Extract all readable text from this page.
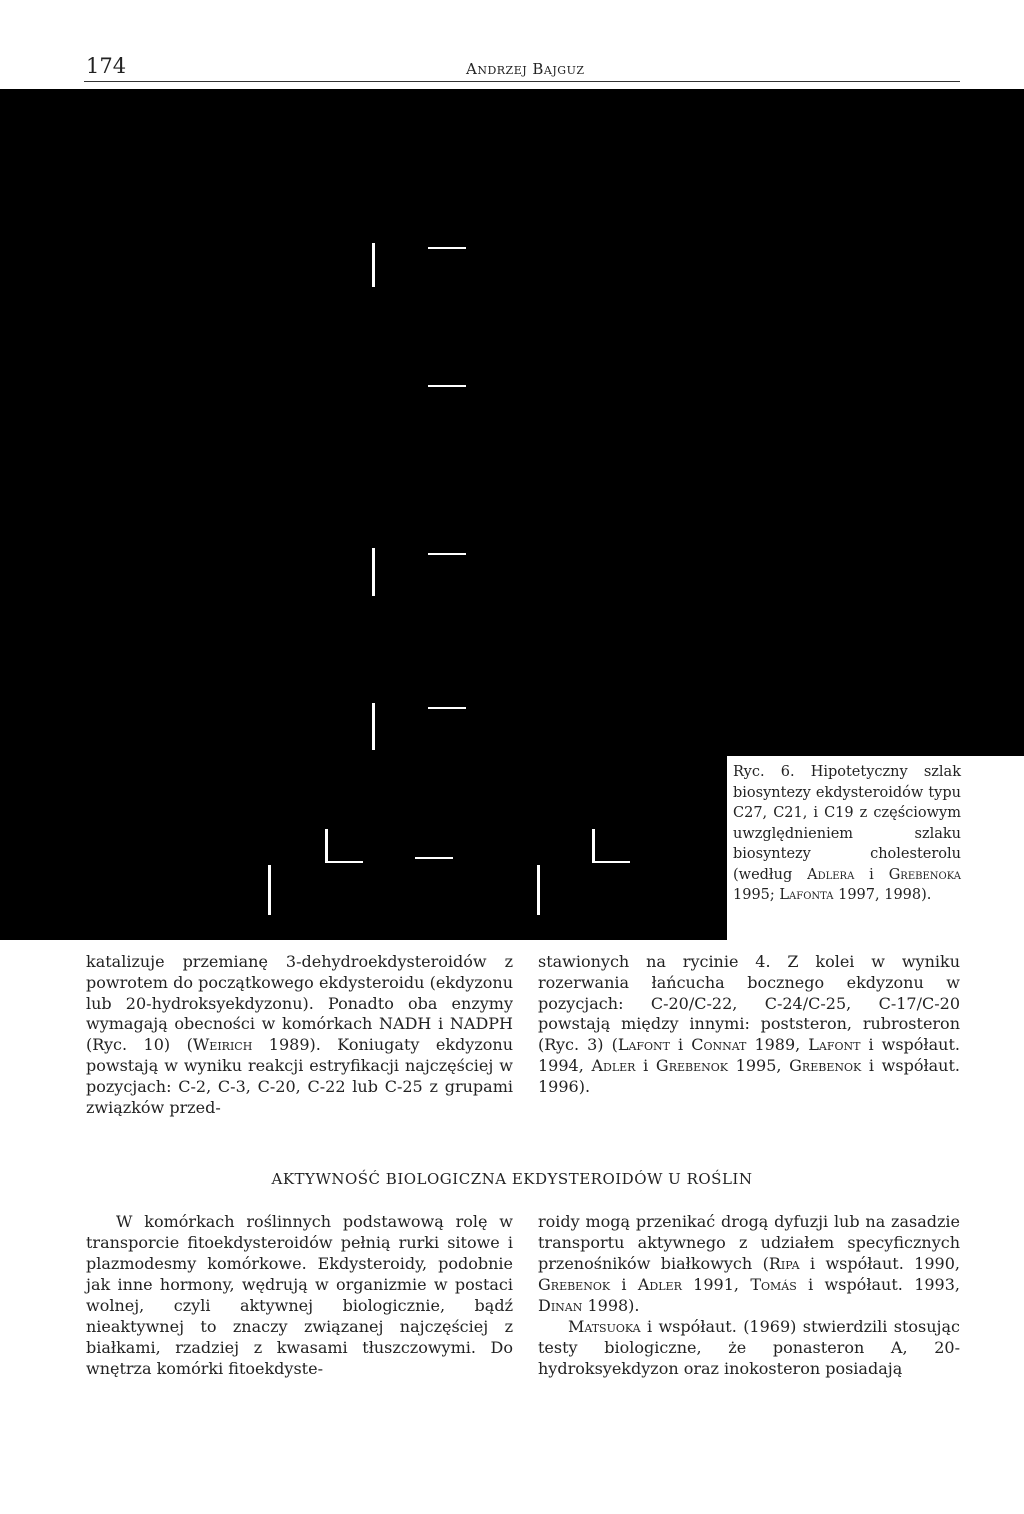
174	Andrzej Bajguz
Ryc. 6. Hipotetyczny szlak biosyntezy ekdysteroidów typu C27, C21, i C19 z częściowym uwzględnieniem szlaku biosyntezy cholesterolu (według Adlera i Grebenoka 1995; Lafonta 1997, 1998).

katalizuje przemianę 3-dehydroekdysteroidów z powrotem do początkowego ekdysteroidu (ekdyzonu lub 20-hydroksyekdyzonu). Ponadto oba enzymy wymagają obecności w komórkach NADH i NADPH (Ryc. 10) (Weirich 1989). Koniugaty ekdyzonu powstają w wyniku reakcji estryfikacji najczęściej w pozycjach: C-2, C-3, C-20, C-22 lub C-25 z grupami związków przed-

stawionych na rycinie 4. Z kolei w wyniku rozerwania łańcucha bocznego ekdyzonu w pozycjach: C-20/C-22, C-24/C-25, C-17/C-20 powstają między innymi: poststeron, rubrosteron (Ryc. 3) (Lafont i Connat 1989, Lafont i współaut. 1994, Adler i Grebenok 1995, Grebenok i współaut. 1996).

AKTYWNOŚĆ BIOLOGICZNA EKDYSTEROIDÓW U ROŚLIN

W komórkach roślinnych podstawową rolę w transporcie fitoekdysteroidów pełnią rurki sitowe i plazmodesmy komórkowe. Ekdysteroidy, podobnie jak inne hormony, wędrują w organizmie w postaci wolnej, czyli aktywnej biologicznie, bądź nieaktywnej to znaczy związanej najczęściej z białkami, rzadziej z kwasami tłuszczowymi. Do wnętrza komórki fitoekdyste-

roidy mogą przenikać drogą dyfuzji lub na zasadzie transportu aktywnego z udziałem specyficznych przenośników białkowych (Ripa i współaut. 1990, Grebenok i Adler 1991, Tomás i współaut. 1993, Dinan 1998).

Matsuoka i współaut. (1969) stwierdzili stosując testy biologiczne, że ponasteron A, 20-hydroksyekdyzon oraz inokosteron posiadają
